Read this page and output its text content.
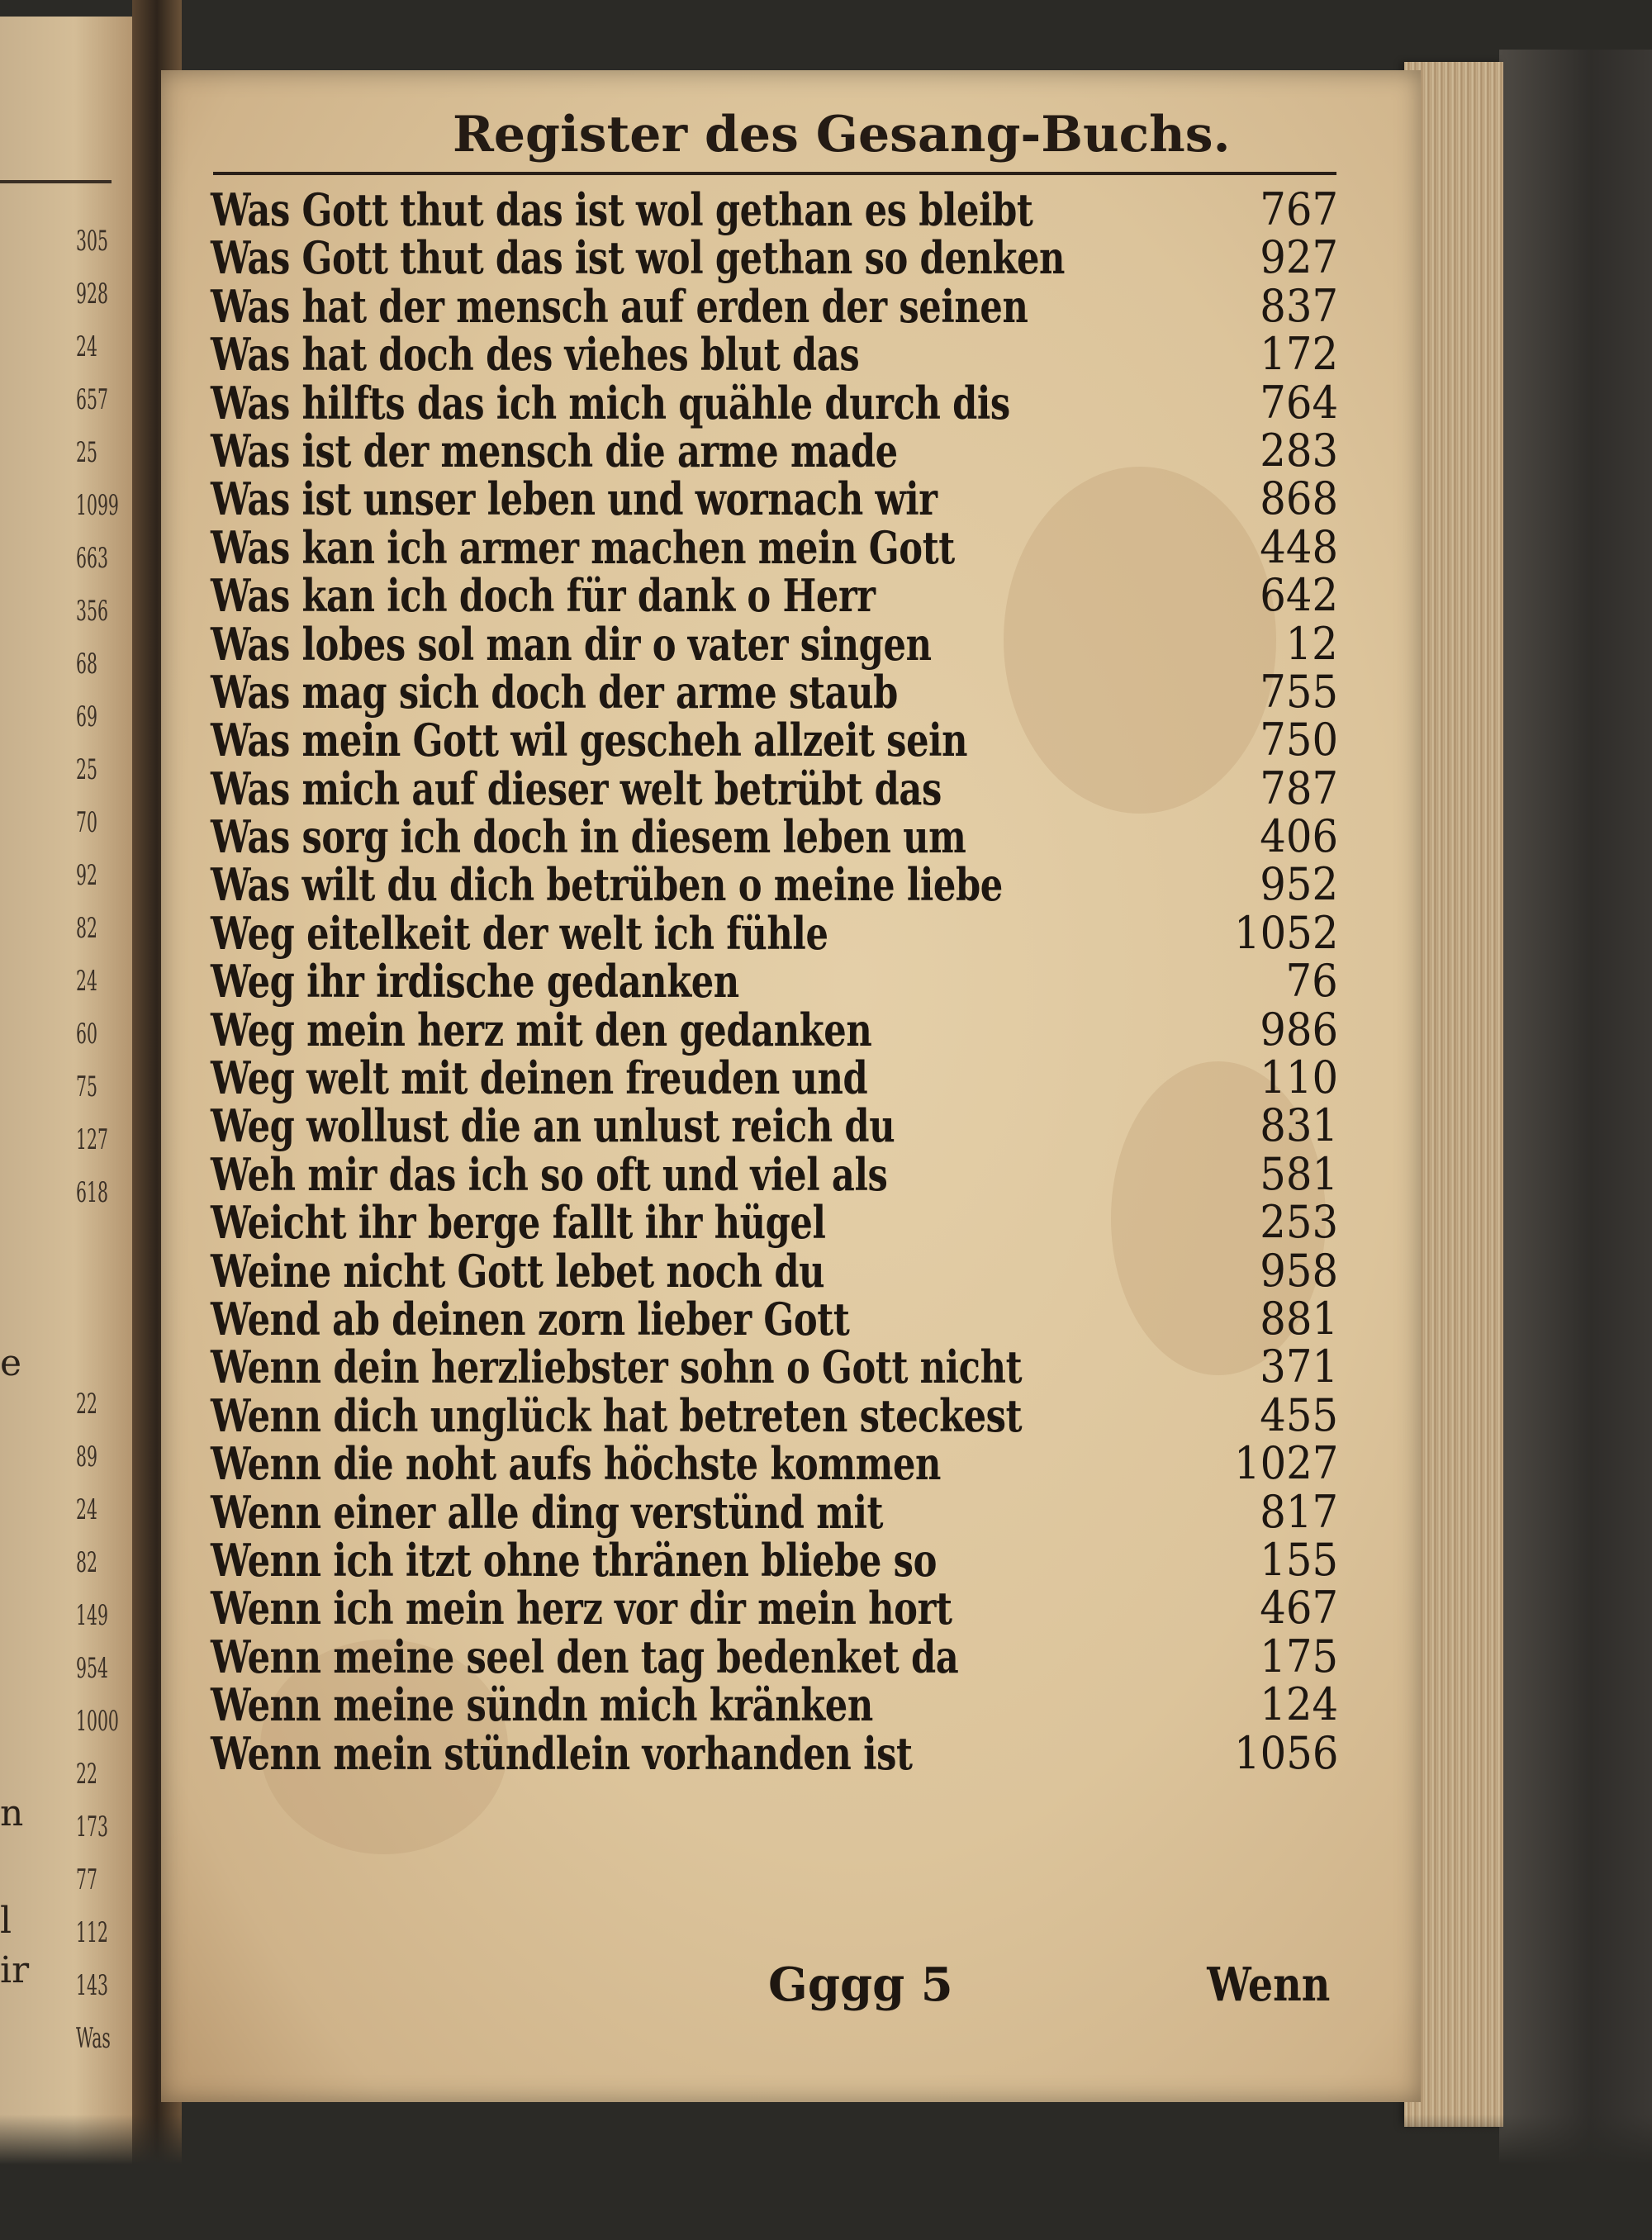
305
928
24
657
25
1099
663
356
68
69
25
70
92
82
24
60
75
127
618
22
89
24
82
149
954
1000
22
173
77
112
143
Was
e
n
l
ir
Register des Gesang-Buchs.
Was Gott thut das ist wol gethan es bleibt	767
Was Gott thut das ist wol gethan so denken	927
Was hat der mensch auf erden der seinen	837
Was hat doch des viehes blut das	172
Was hilfts das ich mich quähle durch dis	764
Was ist der mensch die arme made	283
Was ist unser leben und wornach wir	868
Was kan ich armer machen mein Gott	448
Was kan ich doch für dank o Herr	642
Was lobes sol man dir o vater singen	12
Was mag sich doch der arme staub	755
Was mein Gott wil gescheh allzeit sein	750
Was mich auf dieser welt betrübt das	787
Was sorg ich doch in diesem leben um	406
Was wilt du dich betrüben o meine liebe	952
Weg eitelkeit der welt ich fühle	1052
Weg ihr irdische gedanken	76
Weg mein herz mit den gedanken	986
Weg welt mit deinen freuden und	110
Weg wollust die an unlust reich du	831
Weh mir das ich so oft und viel als	581
Weicht ihr berge fallt ihr hügel	253
Weine nicht Gott lebet noch du	958
Wend ab deinen zorn lieber Gott	881
Wenn dein herzliebster sohn o Gott nicht	371
Wenn dich unglück hat betreten steckest	455
Wenn die noht aufs höchste kommen	1027
Wenn einer alle ding verstünd mit	817
Wenn ich itzt ohne thränen bliebe so	155
Wenn ich mein herz vor dir mein hort	467
Wenn meine seel den tag bedenket da	175
Wenn meine sündn mich kränken	124
Wenn mein stündlein vorhanden ist	1056
Gggg 5	Wenn
